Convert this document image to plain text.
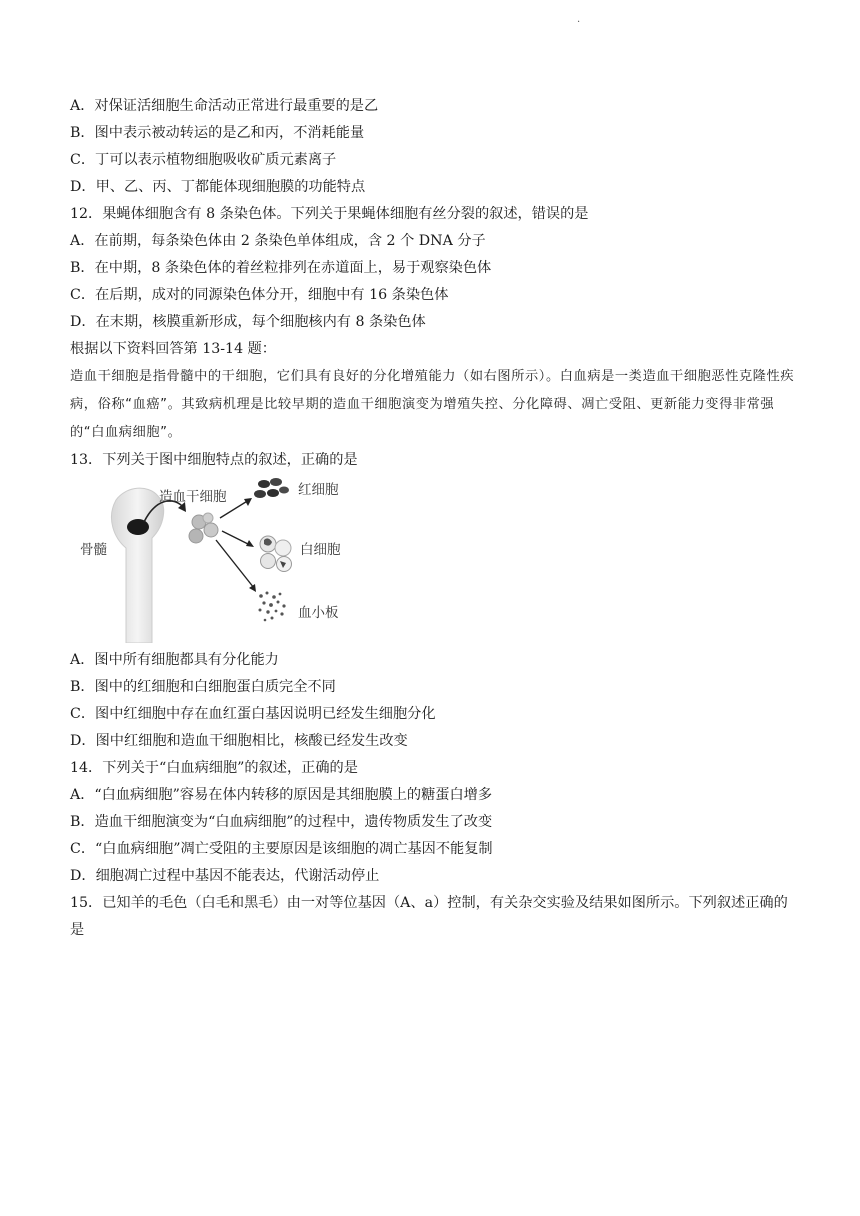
.
A．对保证活细胞生命活动正常进行最重要的是乙
B．图中表示被动转运的是乙和丙，不消耗能量
C．丁可以表示植物细胞吸收矿质元素离子
D．甲、乙、丙、丁都能体现细胞膜的功能特点
12．果蝇体细胞含有 8 条染色体。下列关于果蝇体细胞有丝分裂的叙述，错误的是
A．在前期，每条染色体由 2 条染色单体组成，含 2 个 DNA 分子
B．在中期，8 条染色体的着丝粒排列在赤道面上，易于观察染色体
C．在后期，成对的同源染色体分开，细胞中有 16 条染色体
D．在末期，核膜重新形成，每个细胞核内有 8 条染色体
根据以下资料回答第 13-14 题：
造血干细胞是指骨髓中的干细胞，它们具有良好的分化增殖能力（如右图所示）。白血病是一类造血干细胞恶性克隆性疾病，俗称“血癌”。其致病机理是比较早期的造血干细胞演变为增殖失控、分化障碍、凋亡受阻、更新能力变得非常强的“白血病细胞”。
13．下列关于图中细胞特点的叙述，正确的是
造血干细胞	红细胞
白细胞
血小板
骨髓
A．图中所有细胞都具有分化能力
B．图中的红细胞和白细胞蛋白质完全不同
C．图中红细胞中存在血红蛋白基因说明已经发生细胞分化
D．图中红细胞和造血干细胞相比，核酸已经发生改变
14．下列关于“白血病细胞”的叙述，正确的是
A．“白血病细胞”容易在体内转移的原因是其细胞膜上的糖蛋白增多
B．造血干细胞演变为“白血病细胞”的过程中，遗传物质发生了改变
C．“白血病细胞”凋亡受阻的主要原因是该细胞的凋亡基因不能复制
D．细胞凋亡过程中基因不能表达，代谢活动停止
15．已知羊的毛色（白毛和黑毛）由一对等位基因（A、a）控制，有关杂交实验及结果如图所示。下列叙述正确的是
